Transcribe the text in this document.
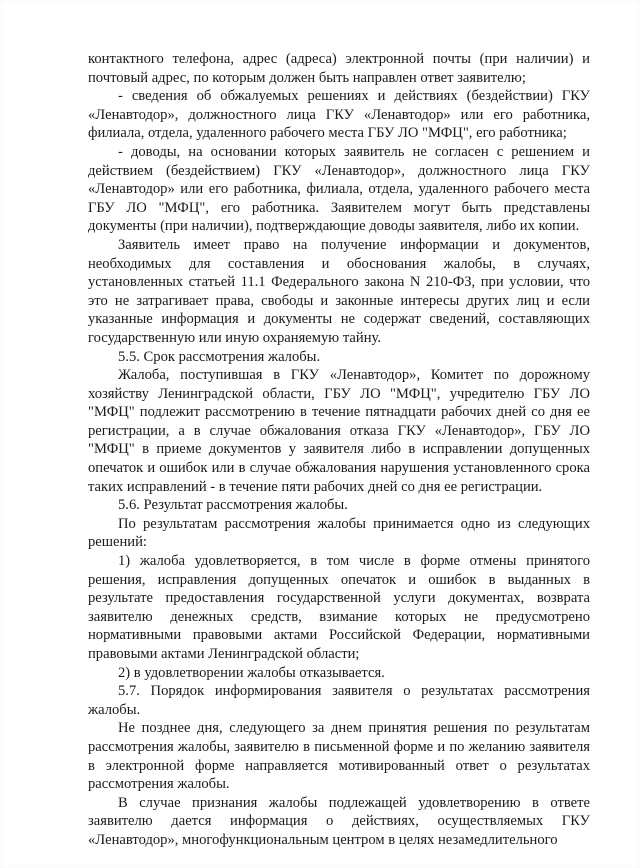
контактного телефона, адрес (адреса) электронной почты (при наличии) и почтовый адрес, по которым должен быть направлен ответ заявителю;

- сведения об обжалуемых решениях и действиях (бездействии) ГКУ «Ленавтодор», должностного лица ГКУ «Ленавтодор» или его работника, филиала, отдела, удаленного рабочего места ГБУ ЛО "МФЦ", его работника;

- доводы, на основании которых заявитель не согласен с решением и действием (бездействием) ГКУ «Ленавтодор», должностного лица ГКУ «Ленавтодор» или его работника, филиала, отдела, удаленного рабочего места ГБУ ЛО "МФЦ", его работника. Заявителем могут быть представлены документы (при наличии), подтверждающие доводы заявителя, либо их копии.

Заявитель имеет право на получение информации и документов, необходимых для составления и обоснования жалобы, в случаях, установленных статьей 11.1 Федерального закона N 210-ФЗ, при условии, что это не затрагивает права, свободы и законные интересы других лиц и если указанные информация и документы не содержат сведений, составляющих государственную или иную охраняемую тайну.

5.5. Срок рассмотрения жалобы.

Жалоба, поступившая в ГКУ «Ленавтодор», Комитет по дорожному хозяйству Ленинградской области, ГБУ ЛО "МФЦ", учредителю ГБУ ЛО "МФЦ" подлежит рассмотрению в течение пятнадцати рабочих дней со дня ее регистрации, а в случае обжалования отказа ГКУ «Ленавтодор», ГБУ ЛО "МФЦ" в приеме документов у заявителя либо в исправлении допущенных опечаток и ошибок или в случае обжалования нарушения установленного срока таких исправлений - в течение пяти рабочих дней со дня ее регистрации.

5.6. Результат рассмотрения жалобы.

По результатам рассмотрения жалобы принимается одно из следующих решений:

1) жалоба удовлетворяется, в том числе в форме отмены принятого решения, исправления допущенных опечаток и ошибок в выданных в результате предоставления государственной услуги документах, возврата заявителю денежных средств, взимание которых не предусмотрено нормативными правовыми актами Российской Федерации, нормативными правовыми актами Ленинградской области;

2) в удовлетворении жалобы отказывается.

5.7. Порядок информирования заявителя о результатах рассмотрения жалобы.

Не позднее дня, следующего за днем принятия решения по результатам рассмотрения жалобы, заявителю в письменной форме и по желанию заявителя в электронной форме направляется мотивированный ответ о результатах рассмотрения жалобы.

В случае признания жалобы подлежащей удовлетворению в ответе заявителю дается информация о действиях, осуществляемых ГКУ «Ленавтодор», многофункциональным центром в целях незамедлительного
